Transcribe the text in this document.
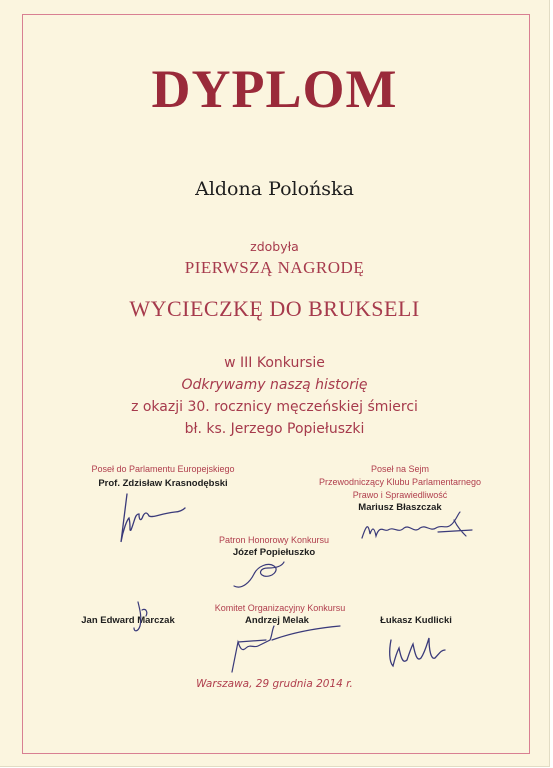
DYPLOM
Aldona Polońska
zdobyła
PIERWSZĄ NAGRODĘ
WYCIECZKĘ DO BRUKSELI
w III Konkursie
Odkrywamy naszą historię
z okazji 30. rocznicy męczeńskiej śmierci
bł. ks. Jerzego Popiełuszki
Poseł do Parlamentu Europejskiego
Prof. Zdzisław Krasnodębski
Poseł na Sejm
Przewodniczący Klubu Parlamentarnego
Prawo i Sprawiedliwość
Mariusz Błaszczak
Patron Honorowy Konkursu
Józef Popiełuszko
Komitet Organizacyjny Konkursu
Jan Edward Marczak	Andrzej Melak	Łukasz Kudlicki
Warszawa, 29 grudnia 2014 r.
